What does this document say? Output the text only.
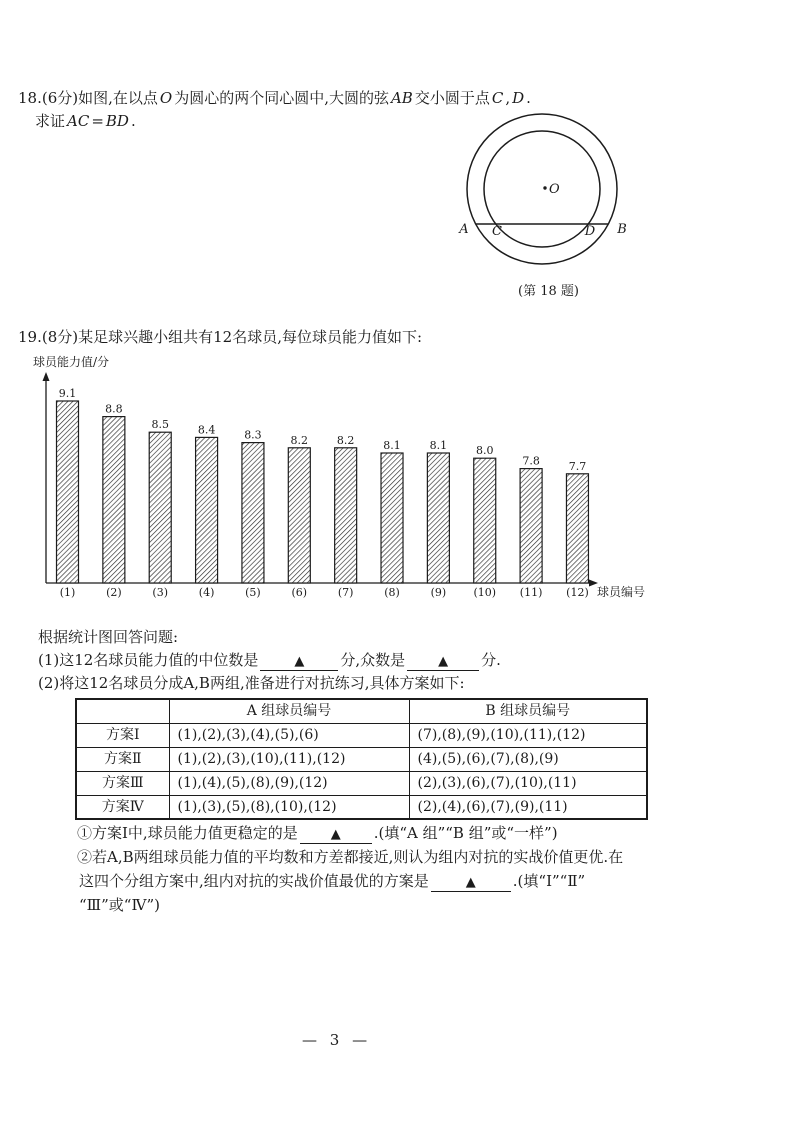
18.(6分)如图,在以点 O 为圆心的两个同心圆中,大圆的弦 AB 交小圆于点 C , D .
求证 AC = BD .
O
A C	D B
(第 18 题)
19.(8分)某足球兴趣小组共有12名球员,每位球员能力值如下:
球员能力值/分
球员编号
9.1
(1)
8.8
(2)
8.5
(3)
8.4
(4)
8.3
(5)
8.2
(6)
8.2
(7)
8.1
(8)
8.1
(9)
8.0
(10)
7.8
(11)
7.7
(12)
根据统计图回答问题:
(1)这12名球员能力值的中位数是	▲ 分,众数是	▲ 分.
(2)将这12名球员分成A,B两组,准备进行对抗练习,具体方案如下:
	A 组球员编号	B 组球员编号
方案Ⅰ	(1),(2),(3),(4),(5),(6)	(7),(8),(9),(10),(11),(12)
方案Ⅱ	(1),(2),(3),(10),(11),(12)	(4),(5),(6),(7),(8),(9)
方案Ⅲ	(1),(4),(5),(8),(9),(12)	(2),(3),(6),(7),(10),(11)
方案Ⅳ	(1),(3),(5),(8),(10),(12)	(2),(4),(6),(7),(9),(11)
①方案Ⅰ中,球员能力值更稳定的是	▲ .(填“A 组”“B 组”或“一样”)
②若A,B两组球员能力值的平均数和方差都接近,则认为组内对抗的实战价值更优.在
这四个分组方案中,组内对抗的实战价值最优的方案是	▲ .(填“Ⅰ”“Ⅱ”
“Ⅲ”或“Ⅳ”)
— 3 —
